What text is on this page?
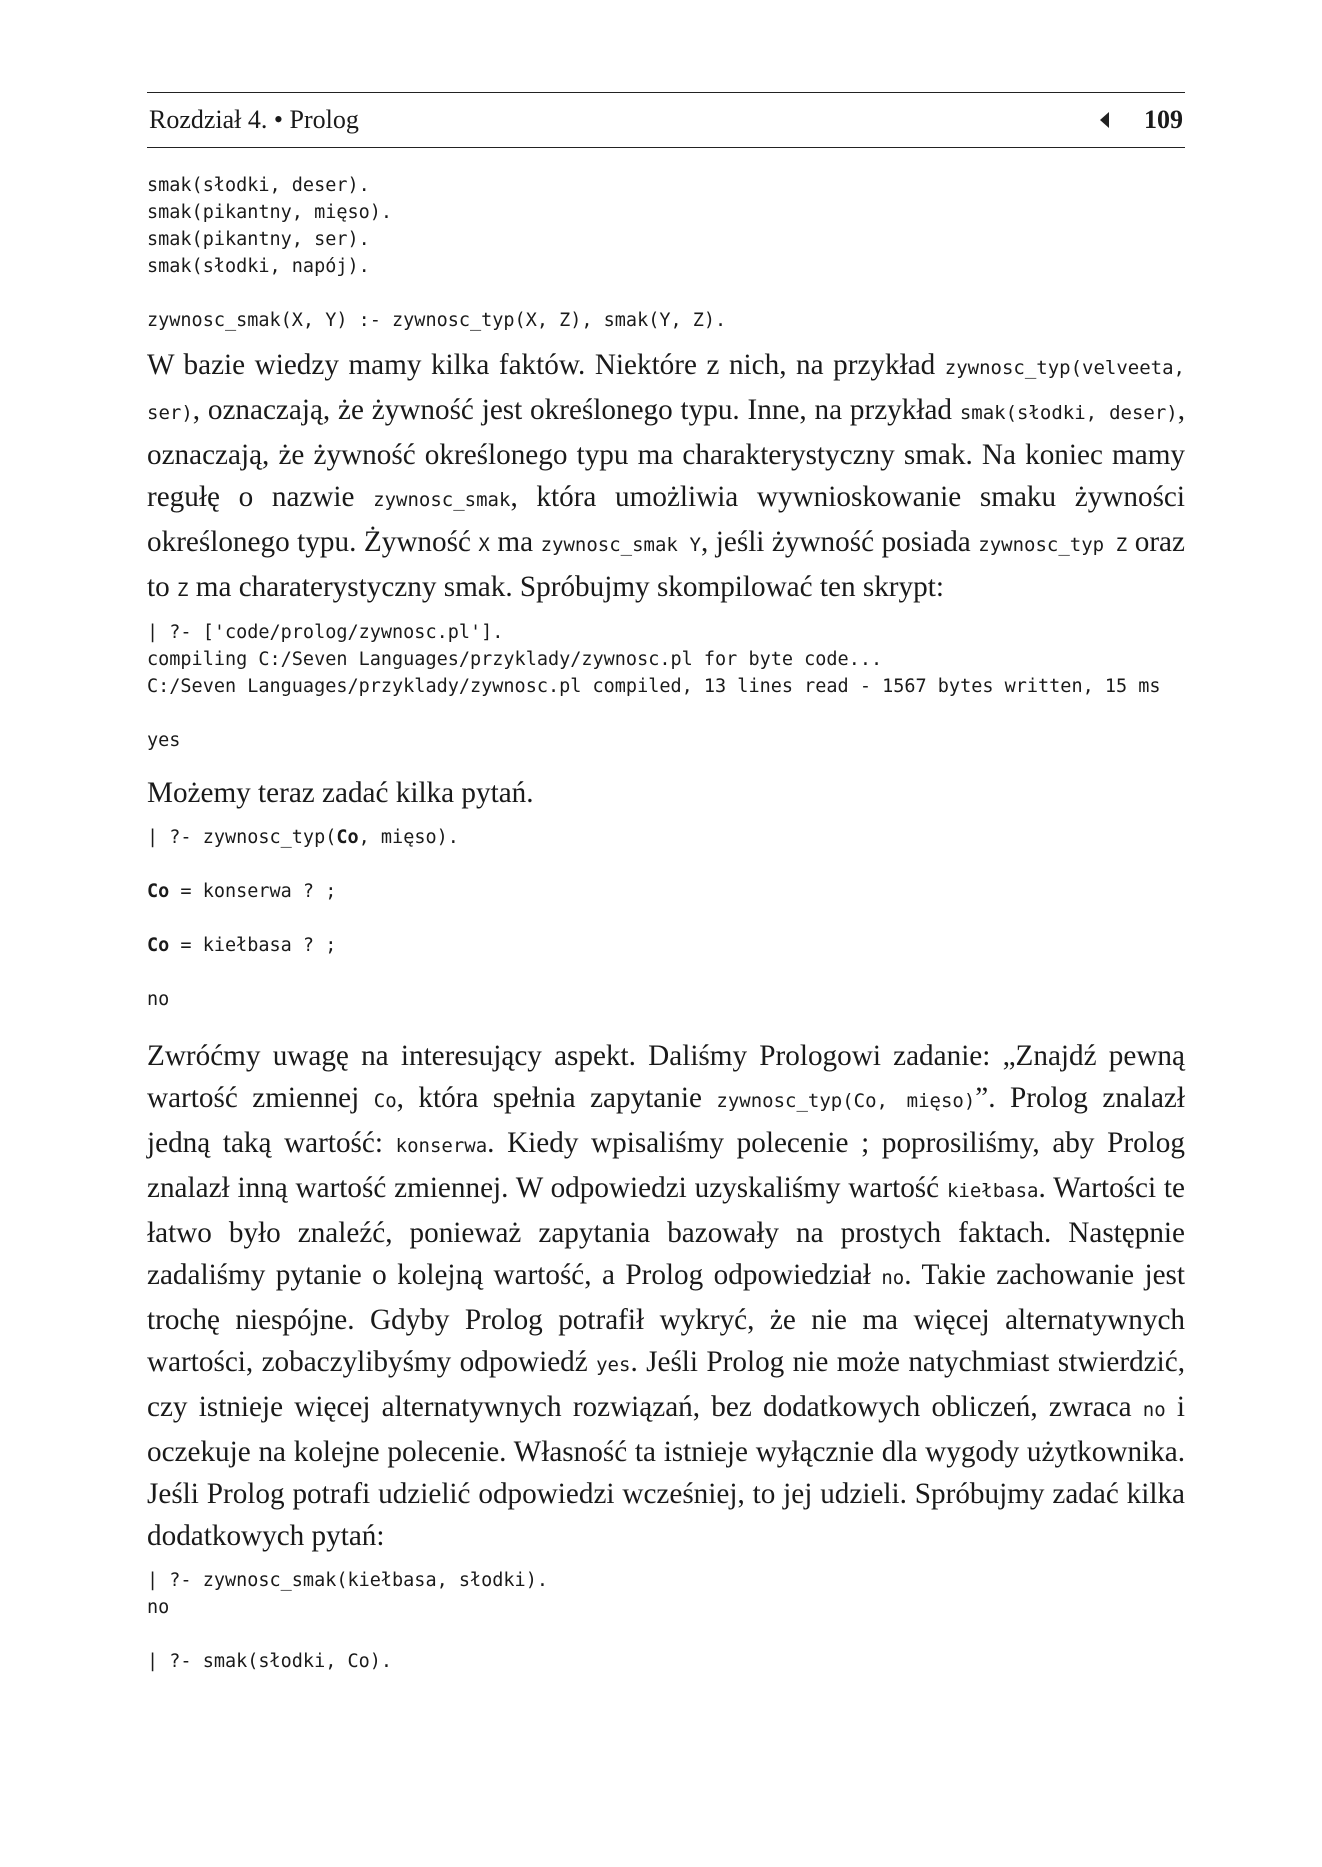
Rozdział 4. • Prolog	109
smak(słodki, deser).
smak(pikantny, mięso).
smak(pikantny, ser).
smak(słodki, napój).
zywnosc_smak(X, Y) :- zywnosc_typ(X, Z), smak(Y, Z).

W bazie wiedzy mamy kilka faktów. Niektóre z nich, na przykład zywnosc_typ(velveeta, ser), oznaczają, że żywność jest określonego typu. Inne, na przykład smak(słodki, deser), oznaczają, że żywność określonego typu ma charakterystyczny smak. Na koniec mamy regułę o nazwie zywnosc_smak, która umożliwia wywnioskowanie smaku żywności określonego typu. Żywność X ma zywnosc_smak Y, jeśli żywność posiada zywnosc_typ Z oraz to Z ma charaterystyczny smak. Spróbujmy skompilować ten skrypt:

| ?- ['code/prolog/zywnosc.pl'].
compiling C:/Seven Languages/przyklady/zywnosc.pl for byte code...
C:/Seven Languages/przyklady/zywnosc.pl compiled, 13 lines read - 1567 bytes written, 15 ms
yes

Możemy teraz zadać kilka pytań.

| ?- zywnosc_typ(Co, mięso).
Co = konserwa ? ;
Co = kiełbasa ? ;
no

Zwróćmy uwagę na interesujący aspekt. Daliśmy Prologowi zadanie: „Znajdź pewną wartość zmiennej Co, która spełnia zapytanie zywnosc_typ(Co, mięso)”. Prolog znalazł jedną taką wartość: konserwa. Kiedy wpisaliśmy polecenie ; poprosiliśmy, aby Prolog znalazł inną wartość zmiennej. W odpowiedzi uzyskaliśmy wartość kiełbasa. Wartości te łatwo było znaleźć, ponieważ zapytania bazowały na prostych faktach. Następnie zadaliśmy pytanie o kolejną wartość, a Prolog odpowiedział no. Takie zachowanie jest trochę niespójne. Gdyby Prolog potrafił wykryć, że nie ma więcej alternatywnych wartości, zobaczylibyśmy odpowiedź yes. Jeśli Prolog nie może natychmiast stwierdzić, czy istnieje więcej alternatywnych rozwiązań, bez dodatkowych obliczeń, zwraca no i oczekuje na kolejne polecenie. Własność ta istnieje wyłącznie dla wygody użytkownika. Jeśli Prolog potrafi udzielić odpowiedzi wcześniej, to jej udzieli. Spróbujmy zadać kilka dodatkowych pytań:

| ?- zywnosc_smak(kiełbasa, słodki).
no
| ?- smak(słodki, Co).
